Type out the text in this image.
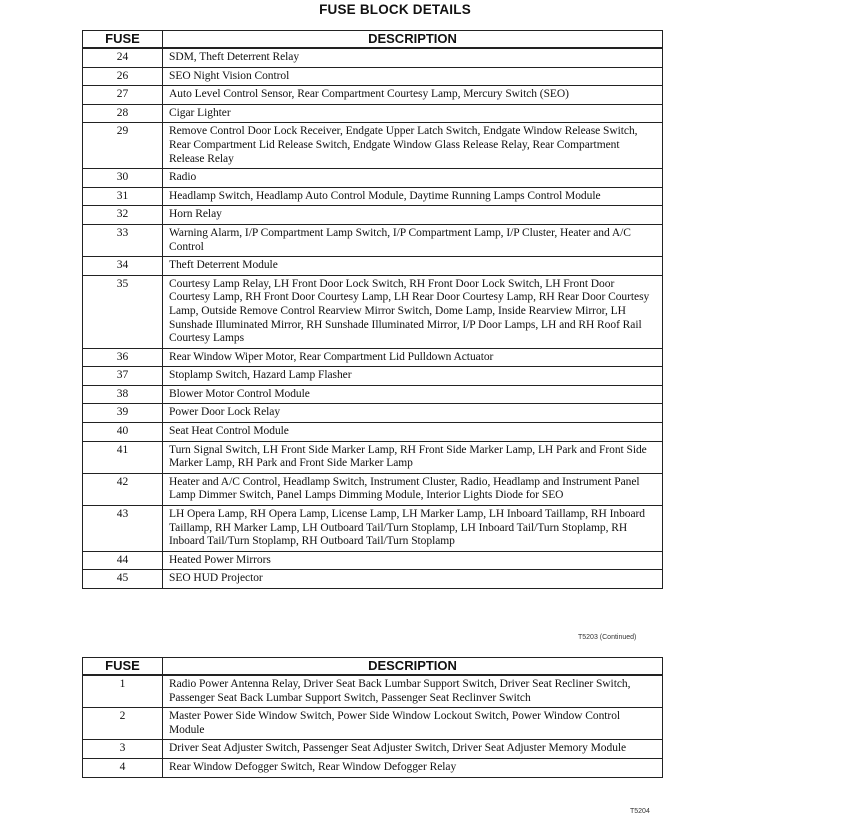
FUSE BLOCK DETAILS
FUSE	DESCRIPTION
24	SDM, Theft Deterrent Relay
26	SEO Night Vision Control
27	Auto Level Control Sensor, Rear Compartment Courtesy Lamp, Mercury Switch (SEO)
28	Cigar Lighter
29	Remove Control Door Lock Receiver, Endgate Upper Latch Switch, Endgate Window Release Switch, Rear Compartment Lid Release Switch, Endgate Window Glass Release Relay, Rear Compartment Release Relay
30	Radio
31	Headlamp Switch, Headlamp Auto Control Module, Daytime Running Lamps Control Module
32	Horn Relay
33	Warning Alarm, I/P Compartment Lamp Switch, I/P Compartment Lamp, I/P Cluster, Heater and A/C Control
34	Theft Deterrent Module
35	Courtesy Lamp Relay, LH Front Door Lock Switch, RH Front Door Lock Switch, LH Front Door Courtesy Lamp, RH Front Door Courtesy Lamp, LH Rear Door Courtesy Lamp, RH Rear Door Courtesy Lamp, Outside Remove Control Rearview Mirror Switch, Dome Lamp, Inside Rearview Mirror, LH Sunshade Illuminated Mirror, RH Sunshade Illuminated Mirror, I/P Door Lamps, LH and RH Roof Rail Courtesy Lamps
36	Rear Window Wiper Motor, Rear Compartment Lid Pulldown Actuator
37	Stoplamp Switch, Hazard Lamp Flasher
38	Blower Motor Control Module
39	Power Door Lock Relay
40	Seat Heat Control Module
41	Turn Signal Switch, LH Front Side Marker Lamp, RH Front Side Marker Lamp, LH Park and Front Side Marker Lamp, RH Park and Front Side Marker Lamp
42	Heater and A/C Control, Headlamp Switch, Instrument Cluster, Radio, Headlamp and Instrument Panel Lamp Dimmer Switch, Panel Lamps Dimming Module, Interior Lights Diode for SEO
43	LH Opera Lamp, RH Opera Lamp, License Lamp, LH Marker Lamp, LH Inboard Taillamp, RH Inboard Taillamp, RH Marker Lamp, LH Outboard Tail/Turn Stoplamp, LH Inboard Tail/Turn Stoplamp, RH Inboard Tail/Turn Stoplamp, RH Outboard Tail/Turn Stoplamp
44	Heated Power Mirrors
45	SEO HUD Projector
T5203 (Continued)
FUSE	DESCRIPTION
1	Radio Power Antenna Relay, Driver Seat Back Lumbar Support Switch, Driver Seat Recliner Switch, Passenger Seat Back Lumbar Support Switch, Passenger Seat Reclinver Switch
2	Master Power Side Window Switch, Power Side Window Lockout Switch, Power Window Control Module
3	Driver Seat Adjuster Switch, Passenger Seat Adjuster Switch, Driver Seat Adjuster Memory Module
4	Rear Window Defogger Switch, Rear Window Defogger Relay
T5204
